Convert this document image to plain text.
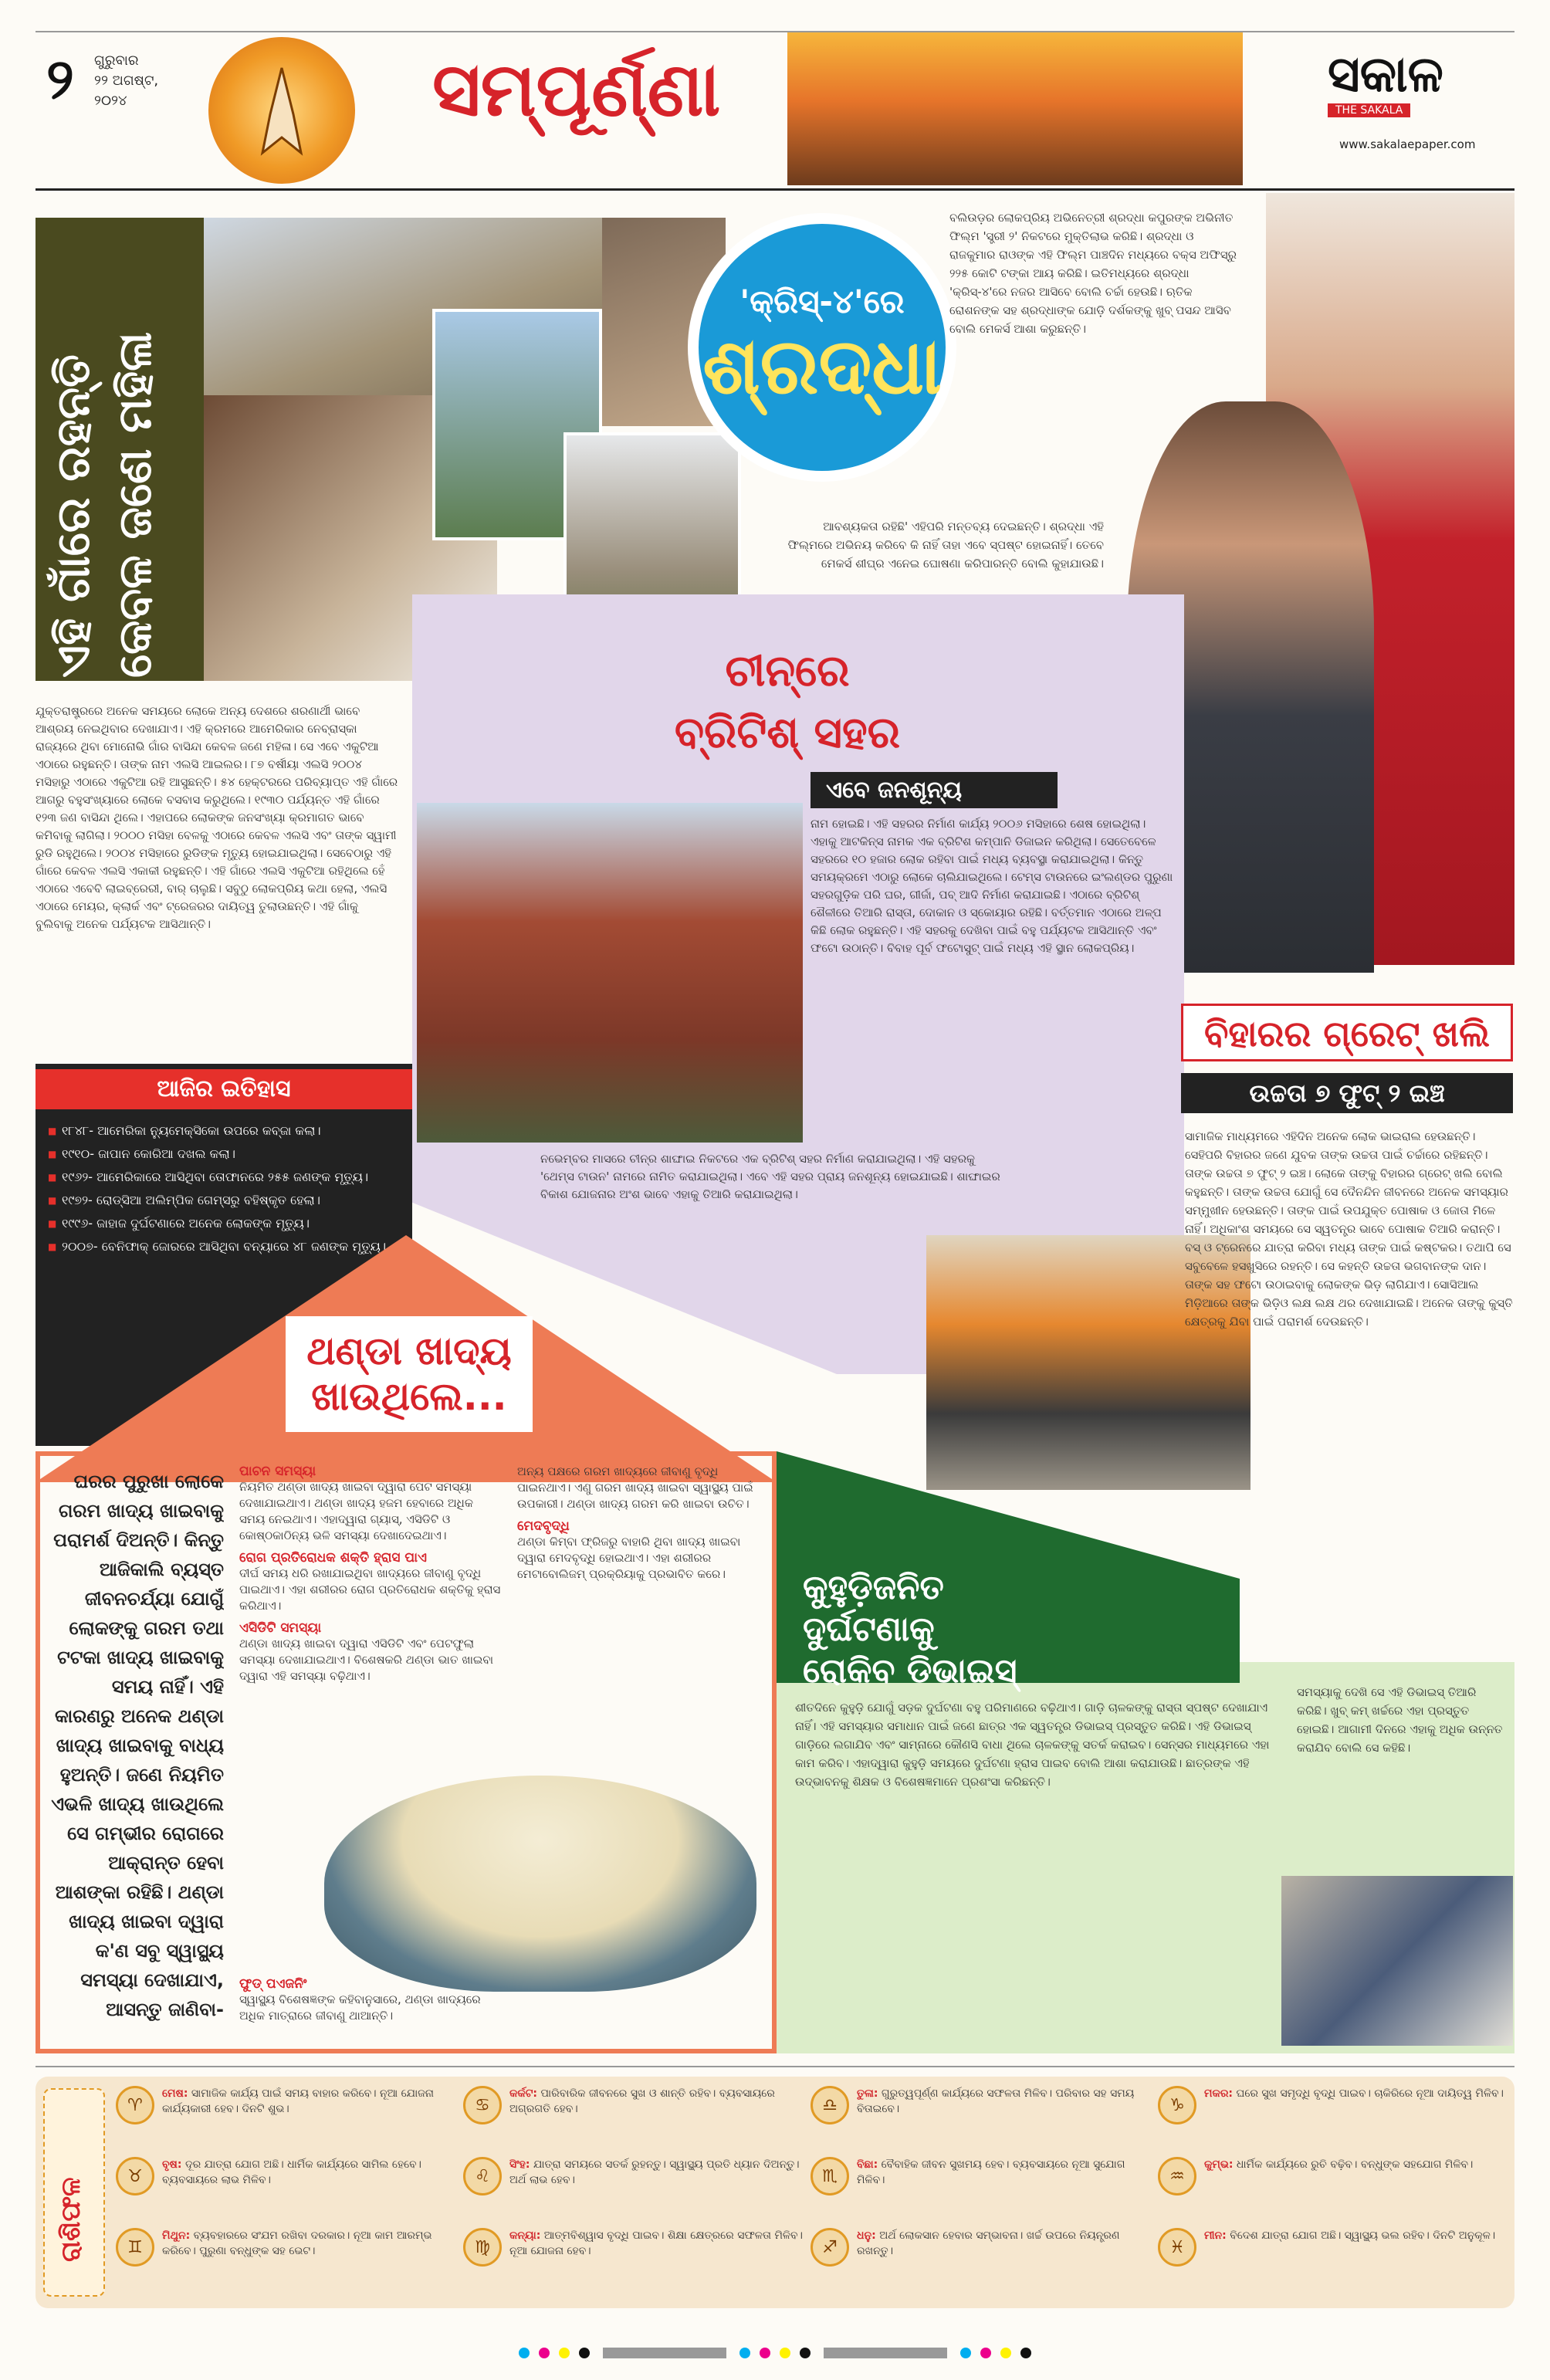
୨ ଗୁରୁବାର
୨୨ ଅଗଷ୍ଟ,
୨୦୨୪	ସମ୍ପୂର୍ଣ୍ଣା	ସକାଳ
THE SAKALA
www.sakalaepaper.com
ଏହି ଗାଁରେ ରହନ୍ତି କେବଳ ଜଣେ ମହିଳା
ଯୁକ୍ତରାଷ୍ଟ୍ରରେ ଅନେକ ସମୟରେ ଲୋକେ ଅନ୍ୟ ଦେଶରେ ଶରଣାର୍ଥୀ ଭାବେ ଆଶ୍ରୟ ନେଇଥିବାର ଦେଖାଯାଏ। ଏହି କ୍ରମରେ ଆମେରିକାର ନେବ୍ରାସ୍କା ରାଜ୍ୟରେ ଥିବା ମୋନୋଭି ଗାଁର ବାସିନ୍ଦା କେବଳ ଜଣେ ମହିଳା। ସେ ଏବେ ଏକୁଟିଆ ଏଠାରେ ରହୁଛନ୍ତି। ତାଙ୍କ ନାମ ଏଲସି ଆଇଲର। ୮୭ ବର୍ଷୀୟା ଏଲସି ୨୦୦୪ ମସିହାରୁ ଏଠାରେ ଏକୁଟିଆ ରହି ଆସୁଛନ୍ତି। ୫୪ ହେକ୍ଟରରେ ପରିବ୍ୟାପ୍ତ ଏହି ଗାଁରେ ଆଗରୁ ବହୁସଂଖ୍ୟାରେ ଲୋକେ ବସବାସ କରୁଥିଲେ। ୧୯୩୦ ପର୍ଯ୍ୟନ୍ତ ଏହି ଗାଁରେ ୧୨୩ ଜଣ ବାସିନ୍ଦା ଥିଲେ। ଏହାପରେ ଲୋକଙ୍କ ଜନସଂଖ୍ୟା କ୍ରମାଗତ ଭାବେ କମିବାକୁ ଲାଗିଲା। ୨୦୦୦ ମସିହା ବେଳକୁ ଏଠାରେ କେବଳ ଏଲସି ଏବଂ ତାଙ୍କ ସ୍ୱାମୀ ରୁଡି ରହୁଥିଲେ। ୨୦୦୪ ମସିହାରେ ରୁଡିଙ୍କ ମୃତ୍ୟୁ ହୋଇଯାଇଥିଲା। ସେବେଠାରୁ ଏହି ଗାଁରେ କେବଳ ଏଲସି ଏକାକୀ ରହୁଛନ୍ତି। ଏହି ଗାଁରେ ଏଲସି ଏକୁଟିଆ ରହିଥିଲେ ହେଁ ଏଠାରେ ଏବେବି ଲାଇବ୍ରେରୀ, ବାର୍ ଚାଲୁଛି। ସବୁଠୁ ଲୋକପ୍ରିୟ କଥା ହେଲା, ଏଲସି ଏଠାରେ ମେୟର, କ୍ଲାର୍କ ଏବଂ ଟ୍ରେଜରର ଦାୟିତ୍ୱ ତୁଲାଉଛନ୍ତି। ଏହି ଗାଁକୁ ବୁଲିବାକୁ ଅନେକ ପର୍ଯ୍ୟଟକ ଆସିଥାନ୍ତି।
'କ୍ରିସ୍-୪'ରେ
ଶ୍ରଦ୍ଧା
ବଲିଉଡ଼ର ଲୋକପ୍ରିୟ ଅଭିନେତ୍ରୀ ଶ୍ରଦ୍ଧା କପୁରଙ୍କ ଅଭିନୀତ ଫିଲ୍ମ 'ସ୍ତ୍ରୀ ୨' ନିକଟରେ ମୁକ୍ତିଲାଭ କରିଛି। ଶ୍ରଦ୍ଧା ଓ ରାଜକୁମାର ରାଓଙ୍କ ଏହି ଫିଲ୍ମ ପାଞ୍ଚଦିନ ମଧ୍ୟରେ ବକ୍ସ ଅଫିସ୍‌ରୁ ୨୨୫ କୋଟି ଟଙ୍କା ଆୟ କରିଛି। ଇତିମଧ୍ୟରେ ଶ୍ରଦ୍ଧା 'କ୍ରିସ୍-୪'ରେ ନଜର ଆସିବେ ବୋଲି ଚର୍ଚ୍ଚା ହେଉଛି। ଋତିକ ରୋଶନଙ୍କ ସହ ଶ୍ରଦ୍ଧାଙ୍କ ଯୋଡ଼ି ଦର୍ଶକଙ୍କୁ ଖୁବ୍ ପସନ୍ଦ ଆସିବ ବୋଲି ମେକର୍ସ ଆଶା କରୁଛନ୍ତି।
ଆବଶ୍ୟକତା ରହିଛି' ଏହିପରି ମନ୍ତବ୍ୟ ଦେଇଛନ୍ତି। ଶ୍ରଦ୍ଧା ଏହି ଫିଲ୍ମରେ ଅଭିନୟ କରିବେ କି ନାହିଁ ତାହା ଏବେ ସ୍ପଷ୍ଟ ହୋଇନାହିଁ। ତେବେ ମେକର୍ସ ଶୀଘ୍ର ଏନେଇ ଘୋଷଣା କରିପାରନ୍ତି ବୋଲି କୁହାଯାଉଛି।
ଚୀନ୍‌ରେ
ବ୍ରିଟିଶ୍ ସହର
ଏବେ ଜନଶୂନ୍ୟ
ନାମ ହୋଇଛି। ଏହି ସହରର ନିର୍ମାଣ କାର୍ଯ୍ୟ ୨୦୦୬ ମସିହାରେ ଶେଷ ହୋଇଥିଲା। ଏହାକୁ ଆଟକିନ୍ସ ନାମକ ଏକ ବ୍ରିଟିଶ କମ୍ପାନି ଡିଜାଇନ କରିଥିଲା। ସେତେବେଳେ ସହରରେ ୧୦ ହଜାର ଲୋକ ରହିବା ପାଇଁ ମଧ୍ୟ ବ୍ୟବସ୍ଥା କରାଯାଇଥିଲା। କିନ୍ତୁ ସମୟକ୍ରମେ ଏଠାରୁ ଲୋକେ ଚାଲିଯାଇଥିଲେ। ଟେମ୍ସ ଟାଉନରେ ଇଂଲଣ୍ଡର ପୁରୁଣା ସହରଗୁଡ଼ିକ ପରି ଘର, ଗୀର୍ଜା, ପବ୍ ଆଦି ନିର୍ମାଣ କରାଯାଇଛି। ଏଠାରେ ବ୍ରିଟିଶ୍ ଶୈଳୀରେ ତିଆରି ରାସ୍ତା, ଦୋକାନ ଓ ସ୍କୋୟାର ରହିଛି। ବର୍ତ୍ତମାନ ଏଠାରେ ଅଳ୍ପ କିଛି ଲୋକ ରହୁଛନ୍ତି। ଏହି ସହରକୁ ଦେଖିବା ପାଇଁ ବହୁ ପର୍ଯ୍ୟଟକ ଆସିଥାନ୍ତି ଏବଂ ଫଟୋ ଉଠାନ୍ତି। ବିବାହ ପୂର୍ବ ଫଟୋସୁଟ୍ ପାଇଁ ମଧ୍ୟ ଏହି ସ୍ଥାନ ଲୋକପ୍ରିୟ।
ନଭେମ୍ବର ମାସରେ ଚୀନ୍‌ର ଶାଙ୍ଘାଇ ନିକଟରେ ଏକ ବ୍ରିଟିଶ୍ ସହର ନିର୍ମାଣ କରାଯାଇଥିଲା। ଏହି ସହରକୁ 'ଥେମ୍ସ ଟାଉନ' ନାମରେ ନାମିତ କରାଯାଇଥିଲା। ଏବେ ଏହି ସହର ପ୍ରାୟ ଜନଶୂନ୍ୟ ହୋଇଯାଇଛି। ଶାଙ୍ଘାଇର ବିକାଶ ଯୋଜନାର ଅଂଶ ଭାବେ ଏହାକୁ ତିଆରି କରାଯାଇଥିଲା।
ଆଜିର ଇତିହାସ
■ ୧୮୪୮- ଆମେରିକା ନ୍ୟୁମେକ୍ସିକୋ ଉପରେ କବ୍ଜା କଲା।
■ ୧୯୧୦- ଜାପାନ କୋରିଆ ଦଖଲ କଲା।
■ ୧୯୬୨- ଆମେରିକାରେ ଆସିଥିବା ତୋଫାନରେ ୨୫୫ ଜଣଙ୍କ ମୃତ୍ୟୁ।
■ ୧୯୭୨- ରୋଡ୍‌ସିଆ ଅଲିମ୍ପିକ ଗେମ୍ସରୁ ବହିଷ୍କୃତ ହେଲା।
■ ୧୯୯୬- ଜାହାଜ ଦୁର୍ଘଟଣାରେ ଅନେକ ଲୋକଙ୍କ ମୃତ୍ୟୁ।
■ ୨୦୦୭- ବେନିଫାକ୍ ଜୋରରେ ଆସିଥିବା ବନ୍ୟାରେ ୪୮ ଜଣଙ୍କ ମୃତ୍ୟୁ।
ବିହାରର ଗ୍ରେଟ୍ ଖଲି
ଉଚ୍ଚତା ୭ ଫୁଟ୍ ୨ ଇଞ୍ଚ
ସାମାଜିକ ମାଧ୍ୟମରେ ଏହିଦିନ ଅନେକ ଲୋକ ଭାଇରାଲ ହେଉଛନ୍ତି। ସେହିପରି ବିହାରର ଜଣେ ଯୁବକ ତାଙ୍କ ଉଚ୍ଚତା ପାଇଁ ଚର୍ଚ୍ଚାରେ ରହିଛନ୍ତି। ତାଙ୍କ ଉଚ୍ଚତା ୭ ଫୁଟ୍ ୨ ଇଞ୍ଚ। ଲୋକେ ତାଙ୍କୁ ବିହାରର ଗ୍ରେଟ୍ ଖଲି ବୋଲି କହୁଛନ୍ତି। ତାଙ୍କ ଉଚ୍ଚତା ଯୋଗୁଁ ସେ ଦୈନନ୍ଦିନ ଜୀବନରେ ଅନେକ ସମସ୍ୟାର ସମ୍ମୁଖୀନ ହେଉଛନ୍ତି। ତାଙ୍କ ପାଇଁ ଉପଯୁକ୍ତ ପୋଷାକ ଓ ଜୋତା ମିଳେ ନାହିଁ। ଅଧିକାଂଶ ସମୟରେ ସେ ସ୍ୱତନ୍ତ୍ର ଭାବେ ପୋଷାକ ତିଆରି କରାନ୍ତି। ବସ୍ ଓ ଟ୍ରେନରେ ଯାତ୍ରା କରିବା ମଧ୍ୟ ତାଙ୍କ ପାଇଁ କଷ୍ଟକର। ତଥାପି ସେ ସବୁବେଳେ ହସଖୁସିରେ ରହନ୍ତି। ସେ କହନ୍ତି ଉଚ୍ଚତା ଭଗବାନଙ୍କ ଦାନ। ତାଙ୍କ ସହ ଫଟୋ ଉଠାଇବାକୁ ଲୋକଙ୍କ ଭିଡ଼ ଲାଗିଯାଏ। ସୋସିଆଲ ମିଡ଼ିଆରେ ତାଙ୍କ ଭିଡ଼ିଓ ଲକ୍ଷ ଲକ୍ଷ ଥର ଦେଖାଯାଇଛି। ଅନେକ ତାଙ୍କୁ କୁସ୍ତି କ୍ଷେତ୍ରକୁ ଯିବା ପାଇଁ ପରାମର୍ଶ ଦେଉଛନ୍ତି।
ଥଣ୍ଡା ଖାଦ୍ୟ
ଖାଉଥିଲେ...
ଘରର ପୁରୁଖା ଲୋକେ ଗରମ ଖାଦ୍ୟ ଖାଇବାକୁ ପରାମର୍ଶ ଦିଅନ୍ତି। କିନ୍ତୁ ଆଜିକାଲି ବ୍ୟସ୍ତ ଜୀବନଚର୍ଯ୍ୟା ଯୋଗୁଁ ଲୋକଙ୍କୁ ଗରମ ତଥା ଟଟକା ଖାଦ୍ୟ ଖାଇବାକୁ ସମୟ ନାହିଁ। ଏହି କାରଣରୁ ଅନେକ ଥଣ୍ଡା ଖାଦ୍ୟ ଖାଇବାକୁ ବାଧ୍ୟ ହୁଅନ୍ତି। ଜଣେ ନିୟମିତ ଏଭଳି ଖାଦ୍ୟ ଖାଉଥିଲେ ସେ ଗମ୍ଭୀର ରୋଗରେ ଆକ୍ରାନ୍ତ ହେବା ଆଶଙ୍କା ରହିଛି। ଥଣ୍ଡା ଖାଦ୍ୟ ଖାଇବା ଦ୍ୱାରା କ'ଣ ସବୁ ସ୍ୱାସ୍ଥ୍ୟ ସମସ୍ୟା ଦେଖାଯାଏ, ଆସନ୍ତୁ ଜାଣିବା-
ପାଚନ ସମସ୍ୟା
ନିୟମିତ ଥଣ୍ଡା ଖାଦ୍ୟ ଖାଇବା ଦ୍ୱାରା ପେଟ ସମସ୍ୟା ଦେଖାଯାଇଥାଏ। ଥଣ୍ଡା ଖାଦ୍ୟ ହଜମ ହେବାରେ ଅଧିକ ସମୟ ନେଇଥାଏ। ଏହାଦ୍ୱାରା ଗ୍ୟାସ୍, ଏସିଡିଟି ଓ କୋଷ୍ଠକାଠିନ୍ୟ ଭଳି ସମସ୍ୟା ଦେଖାଦେଇଥାଏ।
ରୋଗ ପ୍ରତିରୋଧକ ଶକ୍ତି ହ୍ରାସ ପାଏ
ଦୀର୍ଘ ସମୟ ଧରି ରଖାଯାଇଥିବା ଖାଦ୍ୟରେ ଜୀବାଣୁ ବୃଦ୍ଧି ପାଇଥାଏ। ଏହା ଶରୀରର ରୋଗ ପ୍ରତିରୋଧକ ଶକ୍ତିକୁ ହ୍ରାସ କରିଥାଏ।
ଏସିଡିଟି ସମସ୍ୟା
ଥଣ୍ଡା ଖାଦ୍ୟ ଖାଇବା ଦ୍ୱାରା ଏସିଡିଟି ଏବଂ ପେଟଫୁଲା ସମସ୍ୟା ଦେଖାଯାଇଥାଏ। ବିଶେଷକରି ଥଣ୍ଡା ଭାତ ଖାଇବା ଦ୍ୱାରା ଏହି ସମସ୍ୟା ବଢ଼ିଥାଏ।
ଅନ୍ୟ ପକ୍ଷରେ ଗରମ ଖାଦ୍ୟରେ ଜୀବାଣୁ ବୃଦ୍ଧି ପାଇନଥାଏ। ଏଣୁ ଗରମ ଖାଦ୍ୟ ଖାଇବା ସ୍ୱାସ୍ଥ୍ୟ ପାଇଁ ଉପକାରୀ। ଥଣ୍ଡା ଖାଦ୍ୟ ଗରମ କରି ଖାଇବା ଉଚିତ।
ମେଦବୃଦ୍ଧି
ଥଣ୍ଡା କିମ୍ବା ଫ୍ରିଜରୁ ବାହାରି ଥିବା ଖାଦ୍ୟ ଖାଇବା ଦ୍ୱାରା ମେଦବୃଦ୍ଧି ହୋଇଥାଏ। ଏହା ଶରୀରର ମେଟାବୋଲିଜମ୍ ପ୍ରକ୍ରିୟାକୁ ପ୍ରଭାବିତ କରେ।
ଫୁଡ୍ ପଏଜନିଂ
ସ୍ୱାସ୍ଥ୍ୟ ବିଶେଷଜ୍ଞଙ୍କ କହିବାନୁସାରେ, ଥଣ୍ଡା ଖାଦ୍ୟରେ ଅଧିକ ମାତ୍ରାରେ ଜୀବାଣୁ ଥାଆନ୍ତି।
କୁହୁଡ଼ିଜନିତ
ଦୁର୍ଘଟଣାକୁ
ରୋକିବ ଡିଭାଇସ୍
ଶୀତଦିନେ କୁହୁଡ଼ି ଯୋଗୁଁ ସଡ଼କ ଦୁର୍ଘଟଣା ବହୁ ପରିମାଣରେ ବଢ଼ିଥାଏ। ଗାଡ଼ି ଚାଳକଙ୍କୁ ରାସ୍ତା ସ୍ପଷ୍ଟ ଦେଖାଯାଏ ନାହିଁ। ଏହି ସମସ୍ୟାର ସମାଧାନ ପାଇଁ ଜଣେ ଛାତ୍ର ଏକ ସ୍ୱତନ୍ତ୍ର ଡିଭାଇସ୍ ପ୍ରସ୍ତୁତ କରିଛି। ଏହି ଡିଭାଇସ୍ ଗାଡ଼ିରେ ଲଗାଯିବ ଏବଂ ସାମ୍ନାରେ କୌଣସି ବାଧା ଥିଲେ ଚାଳକଙ୍କୁ ସତର୍କ କରାଇବ। ସେନ୍ସର ମାଧ୍ୟମରେ ଏହା କାମ କରିବ। ଏହାଦ୍ୱାରା କୁହୁଡ଼ି ସମୟରେ ଦୁର୍ଘଟଣା ହ୍ରାସ ପାଇବ ବୋଲି ଆଶା କରାଯାଉଛି। ଛାତ୍ରଙ୍କ ଏହି ଉଦ୍ଭାବନକୁ ଶିକ୍ଷକ ଓ ବିଶେଷଜ୍ଞମାନେ ପ୍ରଶଂସା କରିଛନ୍ତି।
ସମସ୍ୟାକୁ ଦେଖି ସେ ଏହି ଡିଭାଇସ୍ ତିଆରି କରିଛି। ଖୁବ୍ କମ୍ ଖର୍ଚ୍ଚରେ ଏହା ପ୍ରସ୍ତୁତ ହୋଇଛି। ଆଗାମୀ ଦିନରେ ଏହାକୁ ଅଧିକ ଉନ୍ନତ କରାଯିବ ବୋଲି ସେ କହିଛି।
ରାଶିଫଳ
♈
ମେଷ: ସାମାଜିକ କାର୍ଯ୍ୟ ପାଇଁ ସମୟ ବାହାର କରିବେ। ନୂଆ ଯୋଜନା କାର୍ଯ୍ୟକାରୀ ହେବ। ଦିନଟି ଶୁଭ।
♉
ବୃଷ: ଦୂର ଯାତ୍ରା ଯୋଗ ଅଛି। ଧାର୍ମିକ କାର୍ଯ୍ୟରେ ସାମିଲ ହେବେ। ବ୍ୟବସାୟରେ ଲାଭ ମିଳିବ।
♊
ମିଥୁନ: ବ୍ୟବହାରରେ ସଂଯମ ରଖିବା ଦରକାର। ନୂଆ କାମ ଆରମ୍ଭ କରିବେ। ପୁରୁଣା ବନ୍ଧୁଙ୍କ ସହ ଭେଟ।
♋
କର୍କଟ: ପାରିବାରିକ ଜୀବନରେ ସୁଖ ଓ ଶାନ୍ତି ରହିବ। ବ୍ୟବସାୟରେ ଅଗ୍ରଗତି ହେବ।
♌
ସିଂହ: ଯାତ୍ରା ସମୟରେ ସତର୍କ ରୁହନ୍ତୁ। ସ୍ୱାସ୍ଥ୍ୟ ପ୍ରତି ଧ୍ୟାନ ଦିଅନ୍ତୁ। ଅର୍ଥ ଲାଭ ହେବ।
♍
କନ୍ୟା: ଆତ୍ମବିଶ୍ୱାସ ବୃଦ୍ଧି ପାଇବ। ଶିକ୍ଷା କ୍ଷେତ୍ରରେ ସଫଳତା ମିଳିବ। ନୂଆ ଯୋଜନା ହେବ।
♎
ତୁଳା: ଗୁରୁତ୍ୱପୂର୍ଣ୍ଣ କାର୍ଯ୍ୟରେ ସଫଳତା ମିଳିବ। ପରିବାର ସହ ସମୟ ବିତାଇବେ।
♏
ବିଛା: ବୈବାହିକ ଜୀବନ ସୁଖମୟ ହେବ। ବ୍ୟବସାୟରେ ନୂଆ ସୁଯୋଗ ମିଳିବ।
♐
ଧନୁ: ଅର୍ଥ ଲୋକସାନ ହେବାର ସମ୍ଭାବନା। ଖର୍ଚ୍ଚ ଉପରେ ନିୟନ୍ତ୍ରଣ ରଖନ୍ତୁ।
♑
ମକର: ଘରେ ସୁଖ ସମୃଦ୍ଧି ବୃଦ୍ଧି ପାଇବ। ଚାକିରିରେ ନୂଆ ଦାୟିତ୍ୱ ମିଳିବ।
♒
କୁମ୍ଭ: ଧାର୍ମିକ କାର୍ଯ୍ୟରେ ରୁଚି ବଢ଼ିବ। ବନ୍ଧୁଙ୍କ ସହଯୋଗ ମିଳିବ।
♓
ମୀନ: ବିଦେଶ ଯାତ୍ରା ଯୋଗ ଅଛି। ସ୍ୱାସ୍ଥ୍ୟ ଭଲ ରହିବ। ଦିନଟି ଅନୁକୂଳ।
